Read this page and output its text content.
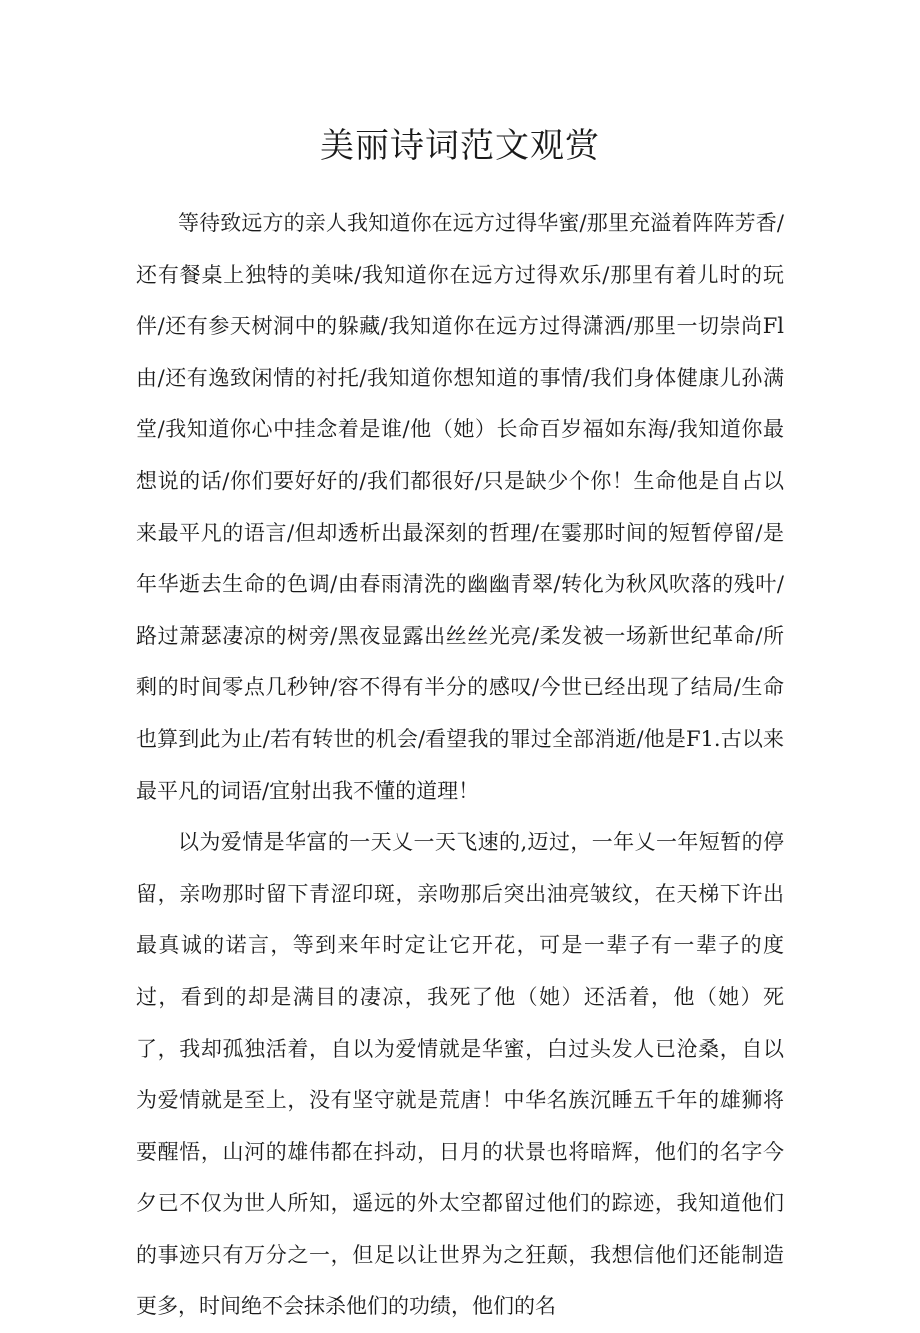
美丽诗词范文观赏

等待致远方的亲人我知道你在远方过得华蜜/那里充溢着阵阵芳香/还有餐桌上独特的美味/我知道你在远方过得欢乐/那里有着儿时的玩伴/还有参天树洞中的躲藏/我知道你在远方过得潇洒/那里一切崇尚Fl由/还有逸致闲情的衬托/我知道你想知道的事情/我们身体健康儿孙满堂/我知道你心中挂念着是谁/他（她）长命百岁福如东海/我知道你最想说的话/你们要好好的/我们都很好/只是缺少个你！生命他是自占以来最平凡的语言/但却透析出最深刻的哲理/在霎那时间的短暂停留/是年华逝去生命的色调/由春雨清洗的幽幽青翠/转化为秋风吹落的残叶/路过萧瑟凄凉的树旁/黑夜显露出丝丝光亮/柔发被一场新世纪革命/所剩的时间零点几秒钟/容不得有半分的感叹/今世已经出现了结局/生命也算到此为止/若有转世的机会/看望我的罪过全部消逝/他是F1.古以来最平凡的词语/宜射出我不懂的道理！

以为爱情是华富的一天乂一天飞速的,迈过，一年乂一年短暂的停留，亲吻那时留下青涩印斑，亲吻那后突出油亮皱纹，在天梯下许出最真诚的诺言，等到来年时定让它开花，可是一辈子有一辈子的度过，看到的却是满目的凄凉，我死了他（她）还活着，他（她）死了，我却孤独活着，自以为爱情就是华蜜，白过头发人已沧桑，自以为爱情就是至上，没有坚守就是荒唐！中华名族沉睡五千年的雄狮将要醒悟，山河的雄伟都在抖动，日月的状景也将暗辉，他们的名字今夕已不仅为世人所知，遥远的外太空都留过他们的踪迹，我知道他们的事迹只有万分之一，但足以让世界为之狂颠，我想信他们还能制造更多，时间绝不会抹杀他们的功绩，他们的名
